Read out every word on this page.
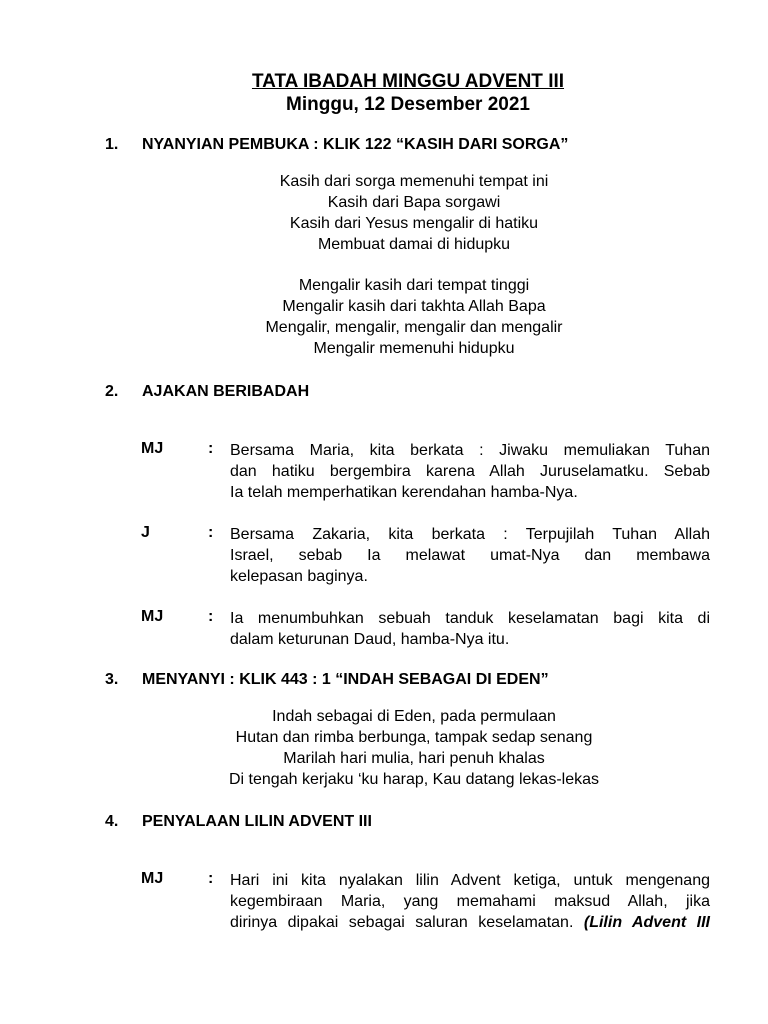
TATA IBADAH MINGGU ADVENT III
Minggu, 12 Desember 2021
1. NYANYIAN PEMBUKA : KLIK 122 “KASIH DARI SORGA”
Kasih dari sorga memenuhi tempat ini
Kasih dari Bapa sorgawi
Kasih dari Yesus mengalir di hatiku
Membuat damai di hidupku
Mengalir kasih dari tempat tinggi
Mengalir kasih dari takhta Allah Bapa
Mengalir, mengalir, mengalir dan mengalir
Mengalir memenuhi hidupku
2. AJAKAN BERIBADAH
MJ	: Bersama Maria, kita berkata : Jiwaku memuliakan Tuhan
dan hatiku bergembira karena Allah Juruselamatku. Sebab
Ia telah memperhatikan kerendahan hamba-Nya.
J	: Bersama Zakaria, kita berkata : Terpujilah Tuhan Allah
Israel, sebab Ia melawat umat-Nya dan membawa
kelepasan baginya.
MJ	: Ia menumbuhkan sebuah tanduk keselamatan bagi kita di
dalam keturunan Daud, hamba-Nya itu.
3. MENYANYI : KLIK 443 : 1 “INDAH SEBAGAI DI EDEN”
Indah sebagai di Eden, pada permulaan
Hutan dan rimba berbunga, tampak sedap senang
Marilah hari mulia, hari penuh khalas
Di tengah kerjaku ‘ku harap, Kau datang lekas-lekas
4. PENYALAAN LILIN ADVENT III
MJ	: Hari ini kita nyalakan lilin Advent ketiga, untuk mengenang
kegembiraan Maria, yang memahami maksud Allah, jika
dirinya dipakai sebagai saluran keselamatan. (Lilin Advent III
